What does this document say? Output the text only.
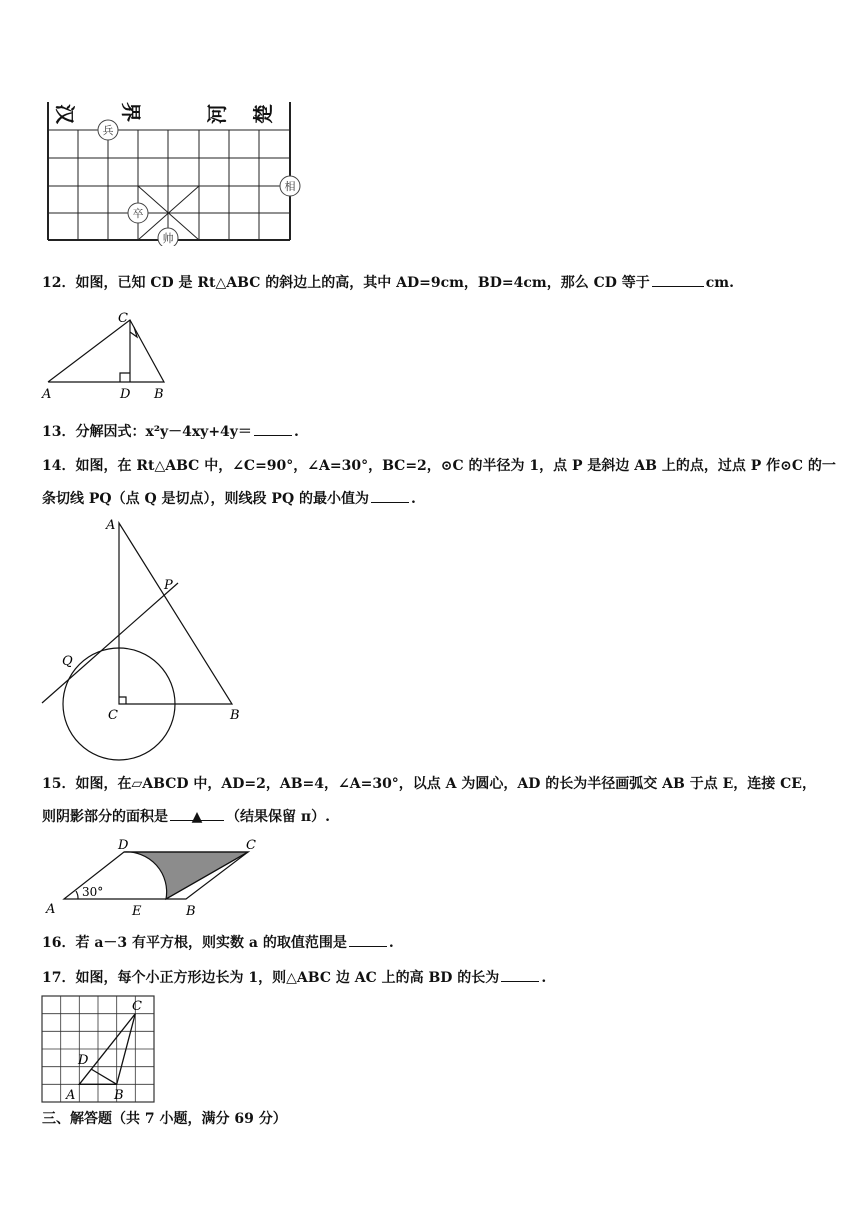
汉 界	河 楚
兵
相
卒
帅
12．如图，已知 CD 是 Rt△ABC 的斜边上的高，其中 AD=9cm，BD=4cm，那么 CD 等于	cm.
C
A	D B
13．分解因式：x²y－4xy+4y＝	.
14．如图，在 Rt△ABC 中，∠C=90°，∠A=30°，BC=2，⊙C 的半径为 1，点 P 是斜边 AB 上的点，过点 P 作⊙C 的一
条切线 PQ（点 Q 是切点），则线段 PQ 的最小值为	.
A
P
Q
C	B
15．如图，在▱ABCD 中，AD=2，AB=4，∠A=30°，以点 A 为圆心，AD 的长为半径画弧交 AB 于点 E，连接 CE，
则阴影部分的面积是 ▲ （结果保留 π）.
D	C
A	E	B
30°
16．若 a－3 有平方根，则实数 a 的取值范围是	.
17．如图，每个小正方形边长为 1，则△ABC 边 AC 上的高 BD 的长为	.
C
D
A	B
三、解答题（共 7 小题，满分 69 分）
